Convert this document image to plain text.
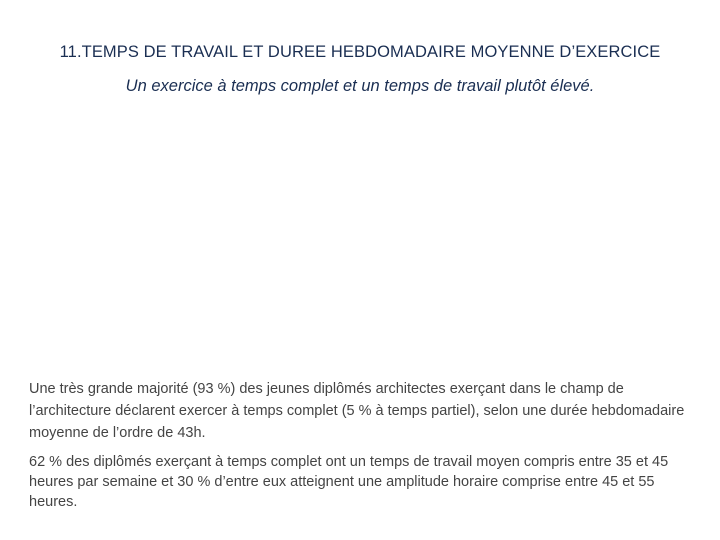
11.TEMPS DE TRAVAIL ET DUREE HEBDOMADAIRE MOYENNE D’EXERCICE

Un exercice à temps complet et un temps de travail plutôt élevé.

Une très grande majorité (93 %) des jeunes diplômés architectes exerçant dans le champ de l’architecture déclarent exercer à temps complet (5 % à temps partiel), selon une durée hebdomadaire moyenne de l’ordre de 43h.

62 % des diplômés exerçant à temps complet ont un temps de travail moyen compris entre 35 et 45 heures par semaine et 30 % d’entre eux atteignent une amplitude horaire comprise entre 45 et 55 heures.
